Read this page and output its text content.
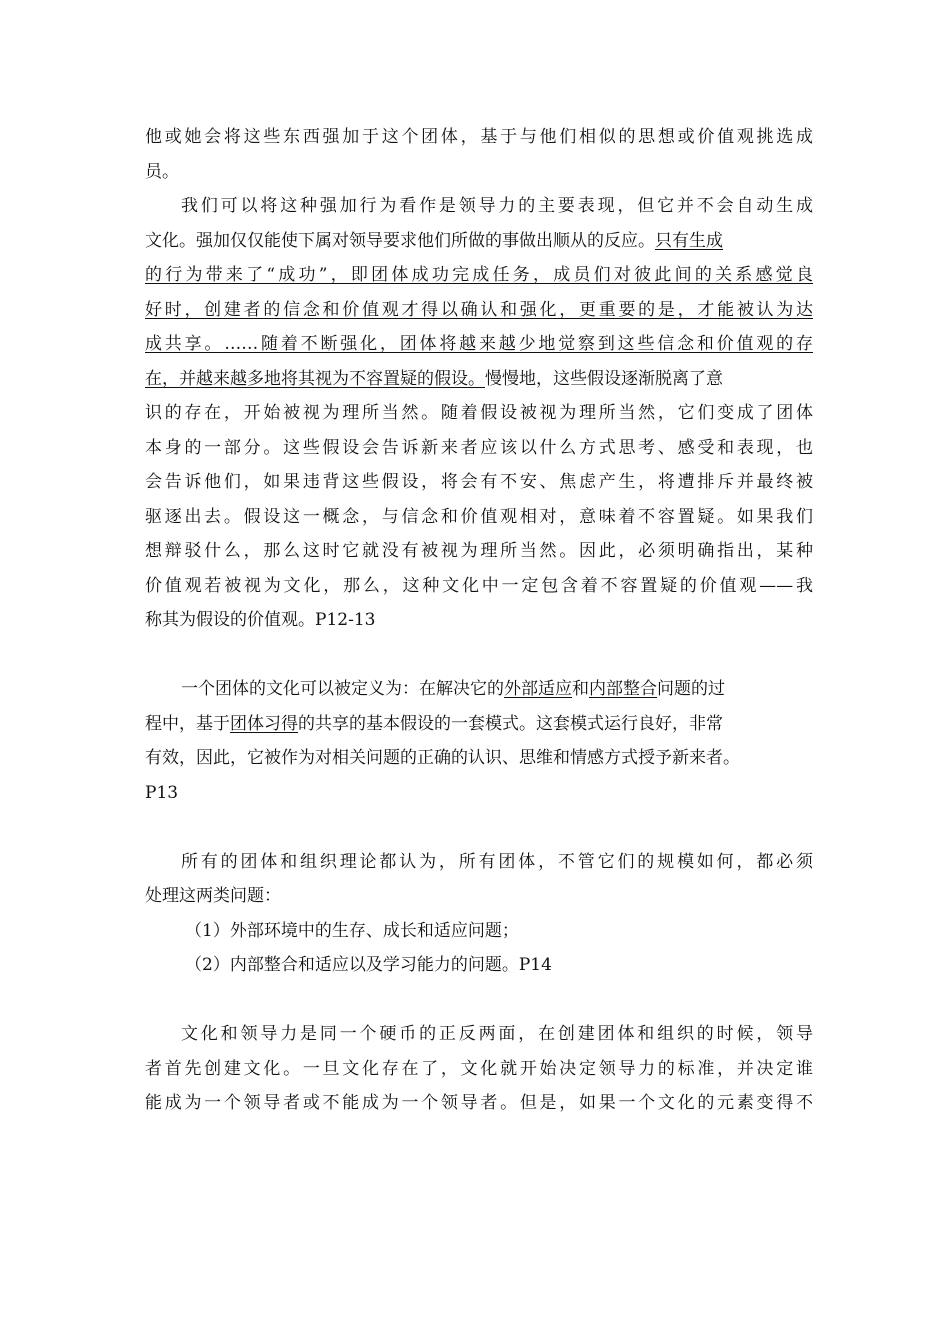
他或她会将这些东西强加于这个团体，基于与他们相似的思想或价值观挑选成
员。
我们可以将这种强加行为看作是领导力的主要表现，但它并不会自动生成
文化。强加仅仅能使下属对领导要求他们所做的事做出顺从的反应。只有生成
的行为带来了“成功”，即团体成功完成任务，成员们对彼此间的关系感觉良
好时，创建者的信念和价值观才得以确认和强化，更重要的是，才能被认为达
成共享。……随着不断强化，团体将越来越少地觉察到这些信念和价值观的存
在，并越来越多地将其视为不容置疑的假设。慢慢地，这些假设逐渐脱离了意
识的存在，开始被视为理所当然。随着假设被视为理所当然，它们变成了团体
本身的一部分。这些假设会告诉新来者应该以什么方式思考、感受和表现，也
会告诉他们，如果违背这些假设，将会有不安、焦虑产生，将遭排斥并最终被
驱逐出去。假设这一概念，与信念和价值观相对，意味着不容置疑。如果我们
想辩驳什么，那么这时它就没有被视为理所当然。因此，必须明确指出，某种
价值观若被视为文化，那么，这种文化中一定包含着不容置疑的价值观——我
称其为假设的价值观。P12-13
一个团体的文化可以被定义为：在解决它的外部适应和内部整合问题的过
程中，基于团体习得的共享的基本假设的一套模式。这套模式运行良好，非常
有效，因此，它被作为对相关问题的正确的认识、思维和情感方式授予新来者。
P13
所有的团体和组织理论都认为，所有团体，不管它们的规模如何，都必须
处理这两类问题：
（1）外部环境中的生存、成长和适应问题；
（2）内部整合和适应以及学习能力的问题。P14
文化和领导力是同一个硬币的正反两面，在创建团体和组织的时候，领导
者首先创建文化。一旦文化存在了，文化就开始决定领导力的标准，并决定谁
能成为一个领导者或不能成为一个领导者。但是，如果一个文化的元素变得不
